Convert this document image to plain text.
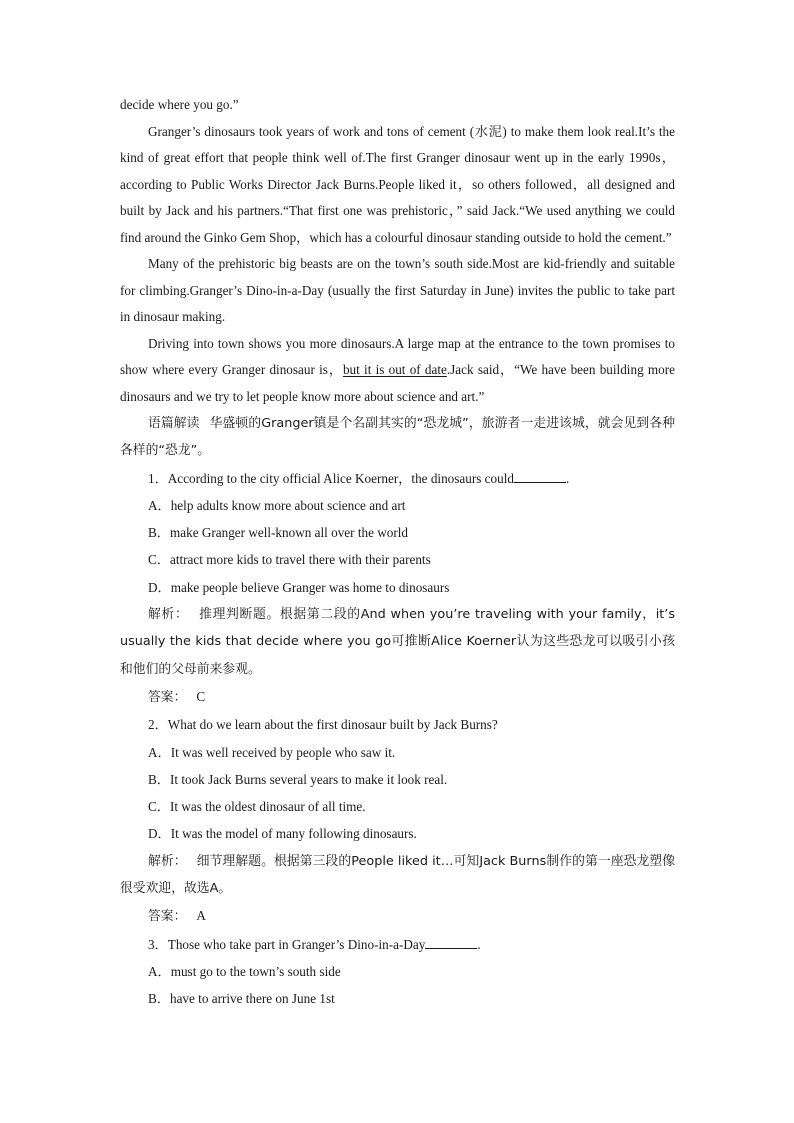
decide where you go.”

Granger’s dinosaurs took years of work and tons of cement (水泥) to make them look real.It’s the kind of great effort that people think well of.The first Granger dinosaur went up in the early 1990s，according to Public Works Director Jack Burns.People liked it，so others followed，all designed and built by Jack and his partners.“That first one was prehistoric，” said Jack.“We used anything we could find around the Ginko Gem Shop，which has a colourful dinosaur standing outside to hold the cement.”

Many of the prehistoric big beasts are on the town’s south side.Most are kid-friendly and suitable for climbing.Granger’s Dino-in-a-Day (usually the first Saturday in June) invites the public to take part in dinosaur making.

Driving into town shows you more dinosaurs.A large map at the entrance to the town promises to show where every Granger dinosaur is，but it is out of date.Jack said，“We have been building more dinosaurs and we try to let people know more about science and art.”

语篇解读 华盛顿的Granger镇是个名副其实的“恐龙城”，旅游者一走进该城，就会见到各种各样的“恐龙”。

1．According to the city official Alice Koerner，the dinosaurs could	.

A．help adults know more about science and art

B．make Granger well-known all over the world

C．attract more kids to travel there with their parents

D．make people believe Granger was home to dinosaurs

解析： 推理判断题。根据第二段的And when you’re traveling with your family，it’s usually the kids that decide where you go可推断Alice Koerner认为这些恐龙可以吸引小孩和他们的父母前来参观。

答案： C

2．What do we learn about the first dinosaur built by Jack Burns?

A．It was well received by people who saw it.

B．It took Jack Burns several years to make it look real.

C．It was the oldest dinosaur of all time.

D．It was the model of many following dinosaurs.

解析： 细节理解题。根据第三段的People liked it…可知Jack Burns制作的第一座恐龙塑像很受欢迎，故选A。

答案： A

3．Those who take part in Granger’s Dino-in-a-Day	.

A．must go to the town’s south side

B．have to arrive there on June 1st
